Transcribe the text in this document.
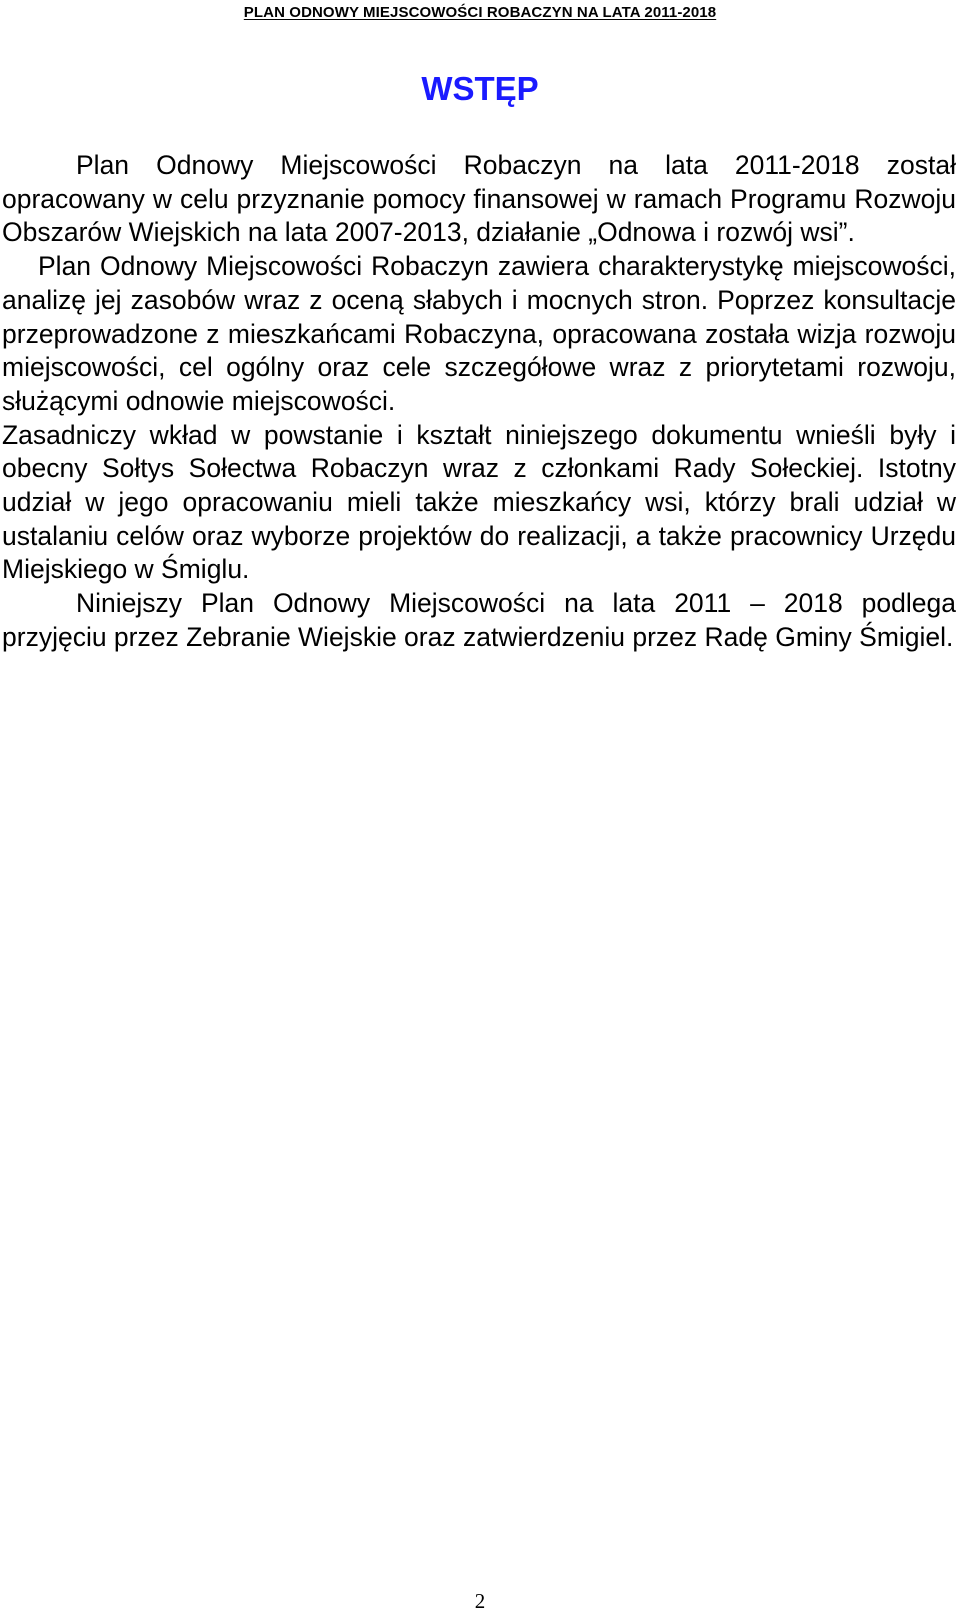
PLAN ODNOWY MIEJSCOWOŚCI ROBACZYN NA LATA 2011-2018
WSTĘP

Plan Odnowy Miejscowości Robaczyn na lata 2011-2018 został opracowany w celu przyznanie pomocy finansowej w ramach Programu Rozwoju Obszarów Wiejskich na lata 2007-2013, działanie „Odnowa i rozwój wsi”.

Plan Odnowy Miejscowości Robaczyn zawiera charakterystykę miejscowości, analizę jej zasobów wraz z oceną słabych i mocnych stron. Poprzez konsultacje przeprowadzone z mieszkańcami Robaczyna, opracowana została wizja rozwoju miejscowości, cel ogólny oraz cele szczegółowe wraz z priorytetami rozwoju, służącymi odnowie miejscowości.

Zasadniczy wkład w powstanie i kształt niniejszego dokumentu wnieśli były i obecny Sołtys Sołectwa Robaczyn wraz z członkami Rady Sołeckiej. Istotny udział w jego opracowaniu mieli także mieszkańcy wsi, którzy brali udział w ustalaniu celów oraz wyborze projektów do realizacji, a także pracownicy Urzędu Miejskiego w Śmiglu.

Niniejszy Plan Odnowy Miejscowości na lata 2011 – 2018 podlega przyjęciu przez Zebranie Wiejskie oraz zatwierdzeniu przez Radę Gminy Śmigiel.

2
